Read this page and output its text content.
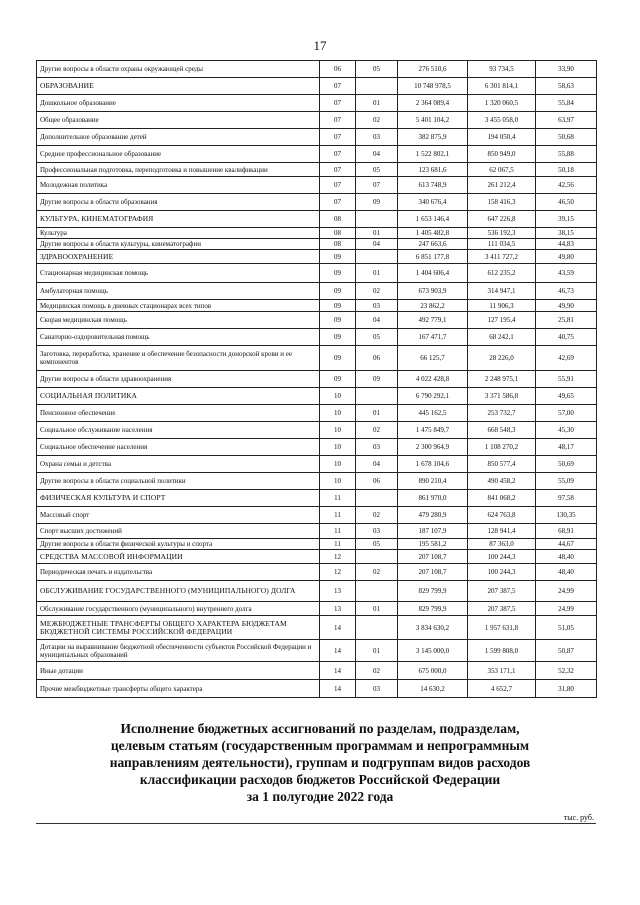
17
Другие вопросы в области охраны окружающей среды	06	05	276 510,6	93 734,5	33,90
ОБРАЗОВАНИЕ	07		10 748 978,5	6 301 814,1	58,63
Дошкольное образование	07	01	2 364 089,4	1 320 060,5	55,84
Общее образование	07	02	5 401 104,2	3 455 058,0	63,97
Дополнительное образование детей	07	03	382 875,9	194 050,4	50,68
Среднее профессиональное образование	07	04	1 522 802,1	850 949,0	55,88
Профессиональная подготовка, переподготовка и повышение квалификации	07	05	123 681,6	62 067,5	50,18
Молодежная политика	07	07	613 748,9	261 212,4	42,56
Другие вопросы в области образования	07	09	340 676,4	158 416,3	46,50
КУЛЬТУРА, КИНЕМАТОГРАФИЯ	08		1 653 146,4	647 226,8	39,15
Культура	08	01	1 405 482,8	536 192,3	38,15
Другие вопросы в области культуры, кинематографии	08	04	247 663,6	111 034,5	44,83
ЗДРАВООХРАНЕНИЕ	09		6 851 177,8	3 411 727,2	49,80
Стационарная медицинская помощь	09	01	1 404 606,4	612 235,2	43,59
Амбулаторная помощь	09	02	673 903,9	314 947,1	46,73
Медицинская помощь в дневных стационарах всех типов	09	03	23 862,2	11 906,3	49,90
Скорая медицинская помощь	09	04	492 779,1	127 195,4	25,81
Санаторно-оздоровительная помощь	09	05	167 471,7	68 242,1	40,75
Заготовка, переработка, хранение и обеспечение безопасности донорской крови и ее компонентов	09	06	66 125,7	28 226,0	42,69
Другие вопросы в области здравоохранения	09	09	4 022 428,8	2 248 975,1	55,91
СОЦИАЛЬНАЯ ПОЛИТИКА	10		6 790 292,1	3 371 586,8	49,65
Пенсионное обеспечение	10	01	445 162,5	253 732,7	57,00
Социальное обслуживание населения	10	02	1 475 849,7	668 548,3	45,30
Социальное обеспечение населения	10	03	2 300 964,9	1 108 270,2	48,17
Охрана семьи и детства	10	04	1 678 104,6	850 577,4	50,69
Другие вопросы в области социальной политики	10	06	890 210,4	490 458,2	55,09
ФИЗИЧЕСКАЯ КУЛЬТУРА И СПОРТ	11		861 970,0	841 068,2	97,58
Массовый спорт	11	02	479 280,9	624 763,8	130,35
Спорт высших достижений	11	03	187 107,9	128 941,4	68,91
Другие вопросы в области физической культуры и спорта	11	05	195 581,2	87 363,0	44,67
СРЕДСТВА МАССОВОЙ ИНФОРМАЦИИ	12		207 108,7	100 244,3	48,40
Периодическая печать и издательства	12	02	207 108,7	100 244,3	48,40
ОБСЛУЖИВАНИЕ ГОСУДАРСТВЕННОГО (МУНИЦИПАЛЬНОГО) ДОЛГА	13		829 799,9	207 387,5	24,99
Обслуживание государственного (муниципального) внутреннего долга	13	01	829 799,9	207 387,5	24,99
МЕЖБЮДЖЕТНЫЕ ТРАНСФЕРТЫ ОБЩЕГО ХАРАКТЕРА БЮДЖЕТАМ БЮДЖЕТНОЙ СИСТЕМЫ РОССИЙСКОЙ ФЕДЕРАЦИИ	14		3 834 630,2	1 957 631,8	51,05
Дотации на выравнивание бюджетной обеспеченности субъектов Российской Федерации и муниципальных образований	14	01	3 145 000,0	1 599 808,0	50,87
Иные дотации	14	02	675 000,0	353 171,1	52,32
Прочие межбюджетные трансферты общего характера	14	03	14 630,2	4 652,7	31,80
Исполнение бюджетных ассигнований по разделам, подразделам,
целевым статьям (государственным программам и непрограммным
направлениям деятельности), группам и подгруппам видов расходов
классификации расходов бюджетов Российской Федерации
за 1 полугодие 2022 года
тыс. руб.
